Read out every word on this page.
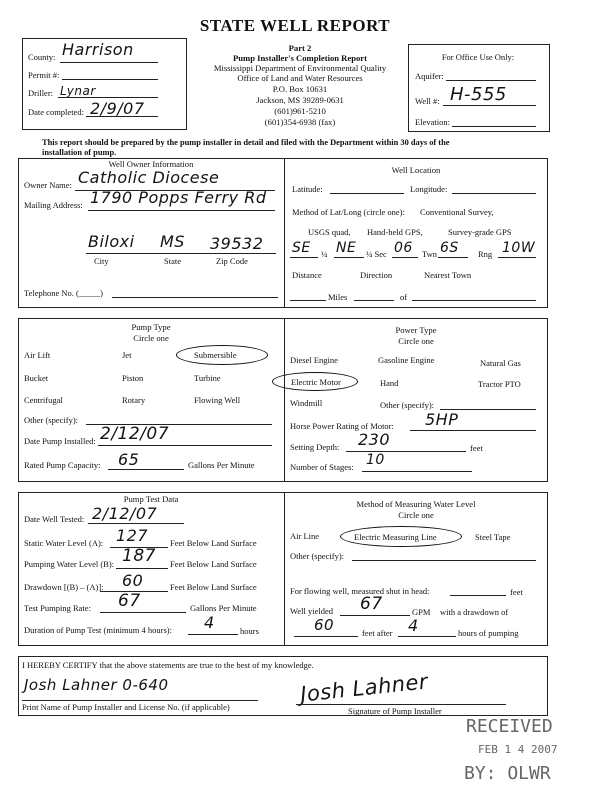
STATE WELL REPORT
Part 2
Pump Installer's Completion Report
Mississippi Department of Environmental Quality
Office of Land and Water Resources
P.O. Box 10631
Jackson, MS 39289-0631
(601)961-5210
(601)354-6938 (fax)
County: Harrison
Permit #:
Driller: Lynar
Date completed: 2/9/07
For Office Use Only:
Aquifer:
Well #: H-555
Elevation:
This report should be prepared by the pump installer in detail and filed with the Department within 30 days of the
installation of pump.
Well Owner Information
Owner Name: Catholic Diocese
Mailing Address: 1790 Popps Ferry Rd
Biloxi MS 39532
City	State	Zip Code
Telephone No. (_____)
Well Location
Latitude:	Longitude:
Method of Lat/Long (circle one): Conventional Survey,
USGS quad, Hand-held GPS,	Survey-grade GPS
SE ¼ NE ¼ Sec 06 Twn 6S Rng 10W
Distance	Direction	Nearest Town
Miles	of
Pump Type
Circle one
Air Lift	Jet	Submersible
Bucket	Piston	Turbine
Centrifugal	Rotary	Flowing Well
Other (specify):
Date Pump Installed: 2/12/07
Rated Pump Capacity: 65	Gallons Per Minute
Power Type
Circle one
Diesel Engine	Gasoline Engine	Natural Gas
Electric Motor	Hand	Tractor PTO
Windmill	Other (specify):
Horse Power Rating of Motor: 5HP
Setting Depth: 230	feet
Number of Stages: 10
Pump Test Data
Date Well Tested: 2/12/07
Static Water Level (A): 127	Feet Below Land Surface
Pumping Water Level (B): 187 Feet Below Land Surface
Drawdown [(B) – (A)]: 60	Feet Below Land Surface
Test Pumping Rate: 67	Gallons Per Minute
Duration of Pump Test (minimum 4 hours): 4	hours
Method of Measuring Water Level
Circle one
Air Line	Electric Measuring Line	Steel Tape
Other (specify):
For flowing well, measured shut in head:	feet
Well yielded 67	GPM with a drawdown of
60	feet after 4	hours of pumping
I HEREBY CERTIFY that the above statements are true to the best of my knowledge.
Josh Lahner 0-640
Print Name of Pump Installer and License No. (if applicable)
Josh Lahner
Signature of Pump Installer
RECEIVED
FEB 1 4 2007
BY: OLWR
